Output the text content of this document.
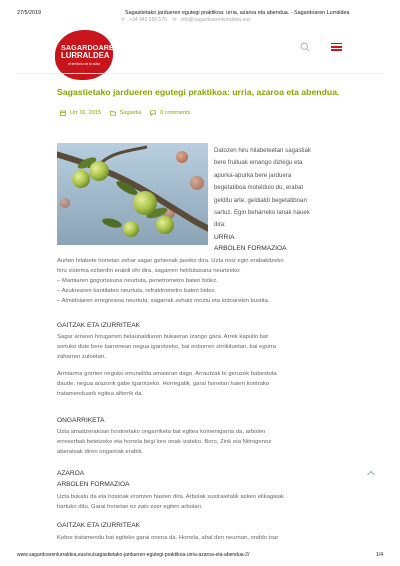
27/5/2019	Sagastietako jardueren egutegi praktikoa: urria, azaroa eta abendua. - Sagardoaren Lurraldea
✆ +34 943 550 575 ✉ info@sagardoarenlurraldea.eus
SAGARDOAREN
LURRALDEA
el territorio de la sidra
Sagastietako jardueren egutegi praktikoa: urria, azaroa eta abendua.
Urr 16, 2015
	Sagastia
	0 comments
Datozen hiru hilabeteetan sagastiak
bere fruituak emango dizkigu eta
apurka-apurka bere jarduera
begetatiboa moteldulo du, erabat
gelditu arte, geldialdi begetatiboan
sartuz. Egin beharreko lanak hauek
dira:
URRIA
ARBOLEN FORMAZIOA
Aurten hilabete honetan zehar sagar gehienak jasoko dira. Uzta noiz egin erabakitzeko
hiru sistema ezberdin erabili ohi dira, sagarren heldutasuna neurtzeko:
– Mamiaren gogortasuna neurtuta, penetrometro baten bidez.
– Azukrearen kantitateo neurtuta, refraktrometro baten bidez.
– Almidoiaren erregresioa neurtuta, sagarrak zehatz moztu eta iodoarekin bustita.
GAITZAK ETA IZURRITEAK
Sagar arraren hirugarren belaunaldiaren bukaeran izango gara. Arrek kapullo bat
sortuko dute bere barrenean negua igarotzeko, bai enborren zirrikituetan, bai egurra
zaharren zuloetan.
Armiarma gorrien neguko erruneldia amaieran dago. Arrautzak bi geruzek babestuta
daude, negua arazorik gabe igarotzeko. Horregatik, garai honetan haien kontrako
tratamenduarik egitea alferrik da.
ONGARRIKETA
Uzta amaitzerakoan hostoetako ongarriketa bat egitea komenigarria da, arbolen
erreserbak betetzeko eta horrela begi lore onak izateko. Boro, Zink eta Nitrogenoz
aberatsak diren ongarriak erabili.
AZAROA
ARBOLEN FORMAZIOA
Uzta bukatu da eta hostoak erortzen hasten dira. Arbolak sustraietatik azken elikagaiak
hartuko ditu. Garai honetan ez zaio ezer egiten arbolari.
GAITZAK ETA IZURRITEAK
Kobre tratamendu bat egiteko garai onena da. Horrela, ahal den neurrian, onddo txar
www.sagardoarenlurraldea.eus/eu/sagastietako-jardueren-egutegi-praktikoa-urria-azaroa-eta-abendua-2/	1/4
